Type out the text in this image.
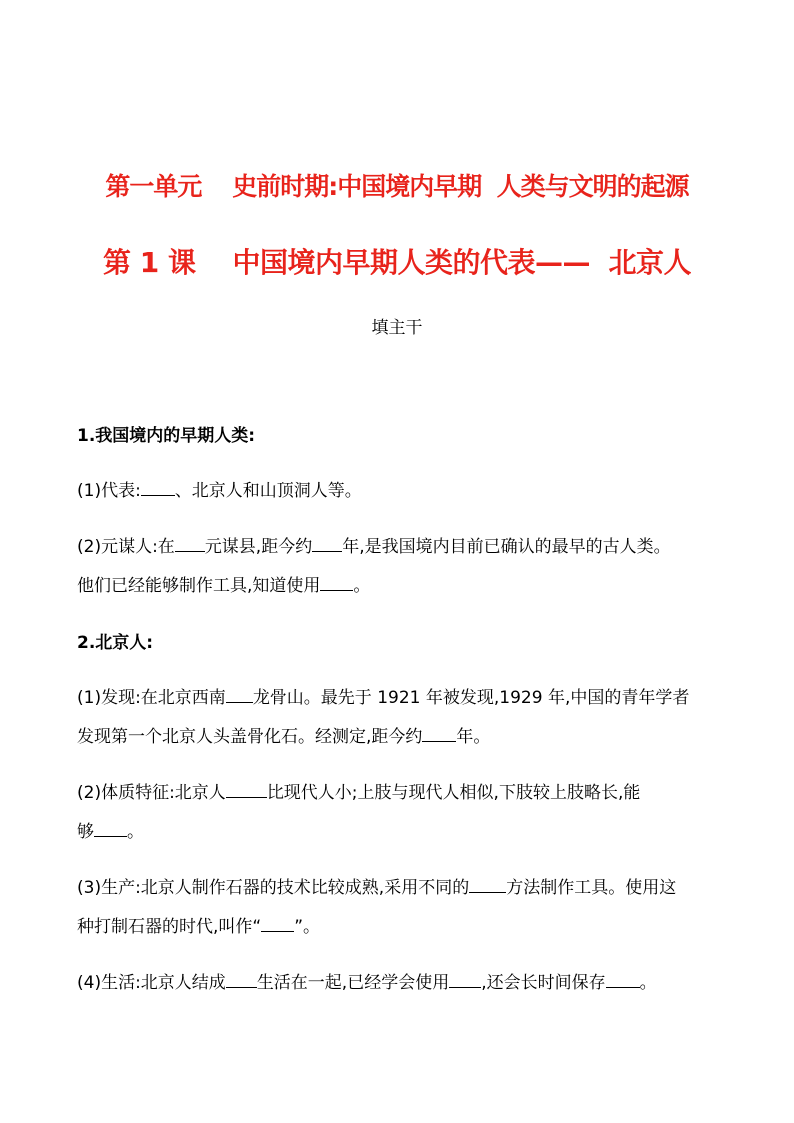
第一单元    史前时期:中国境内早期  人类与文明的起源
第 1 课    中国境内早期人类的代表——  北京人
填主干
1.我国境内的早期人类:
(1)代表: 、北京人和山顶洞人等。
(2)元谋人:在 元谋县,距今约 年,是我国境内目前已确认的最早的古人类。
他们已经能够制作工具,知道使用 。
2.北京人:
(1)发现:在北京西南 龙骨山。最先于 1921 年被发现,1929 年,中国的青年学者
发现第一个北京人头盖骨化石。经测定,距今约 年。
(2)体质特征:北京人 比现代人小;上肢与现代人相似,下肢较上肢略长,能
够 。
(3)生产:北京人制作石器的技术比较成熟,采用不同的 方法制作工具。使用这
种打制石器的时代,叫作“ ”。
(4)生活:北京人结成 生活在一起,已经学会使用 ,还会长时间保存 。
